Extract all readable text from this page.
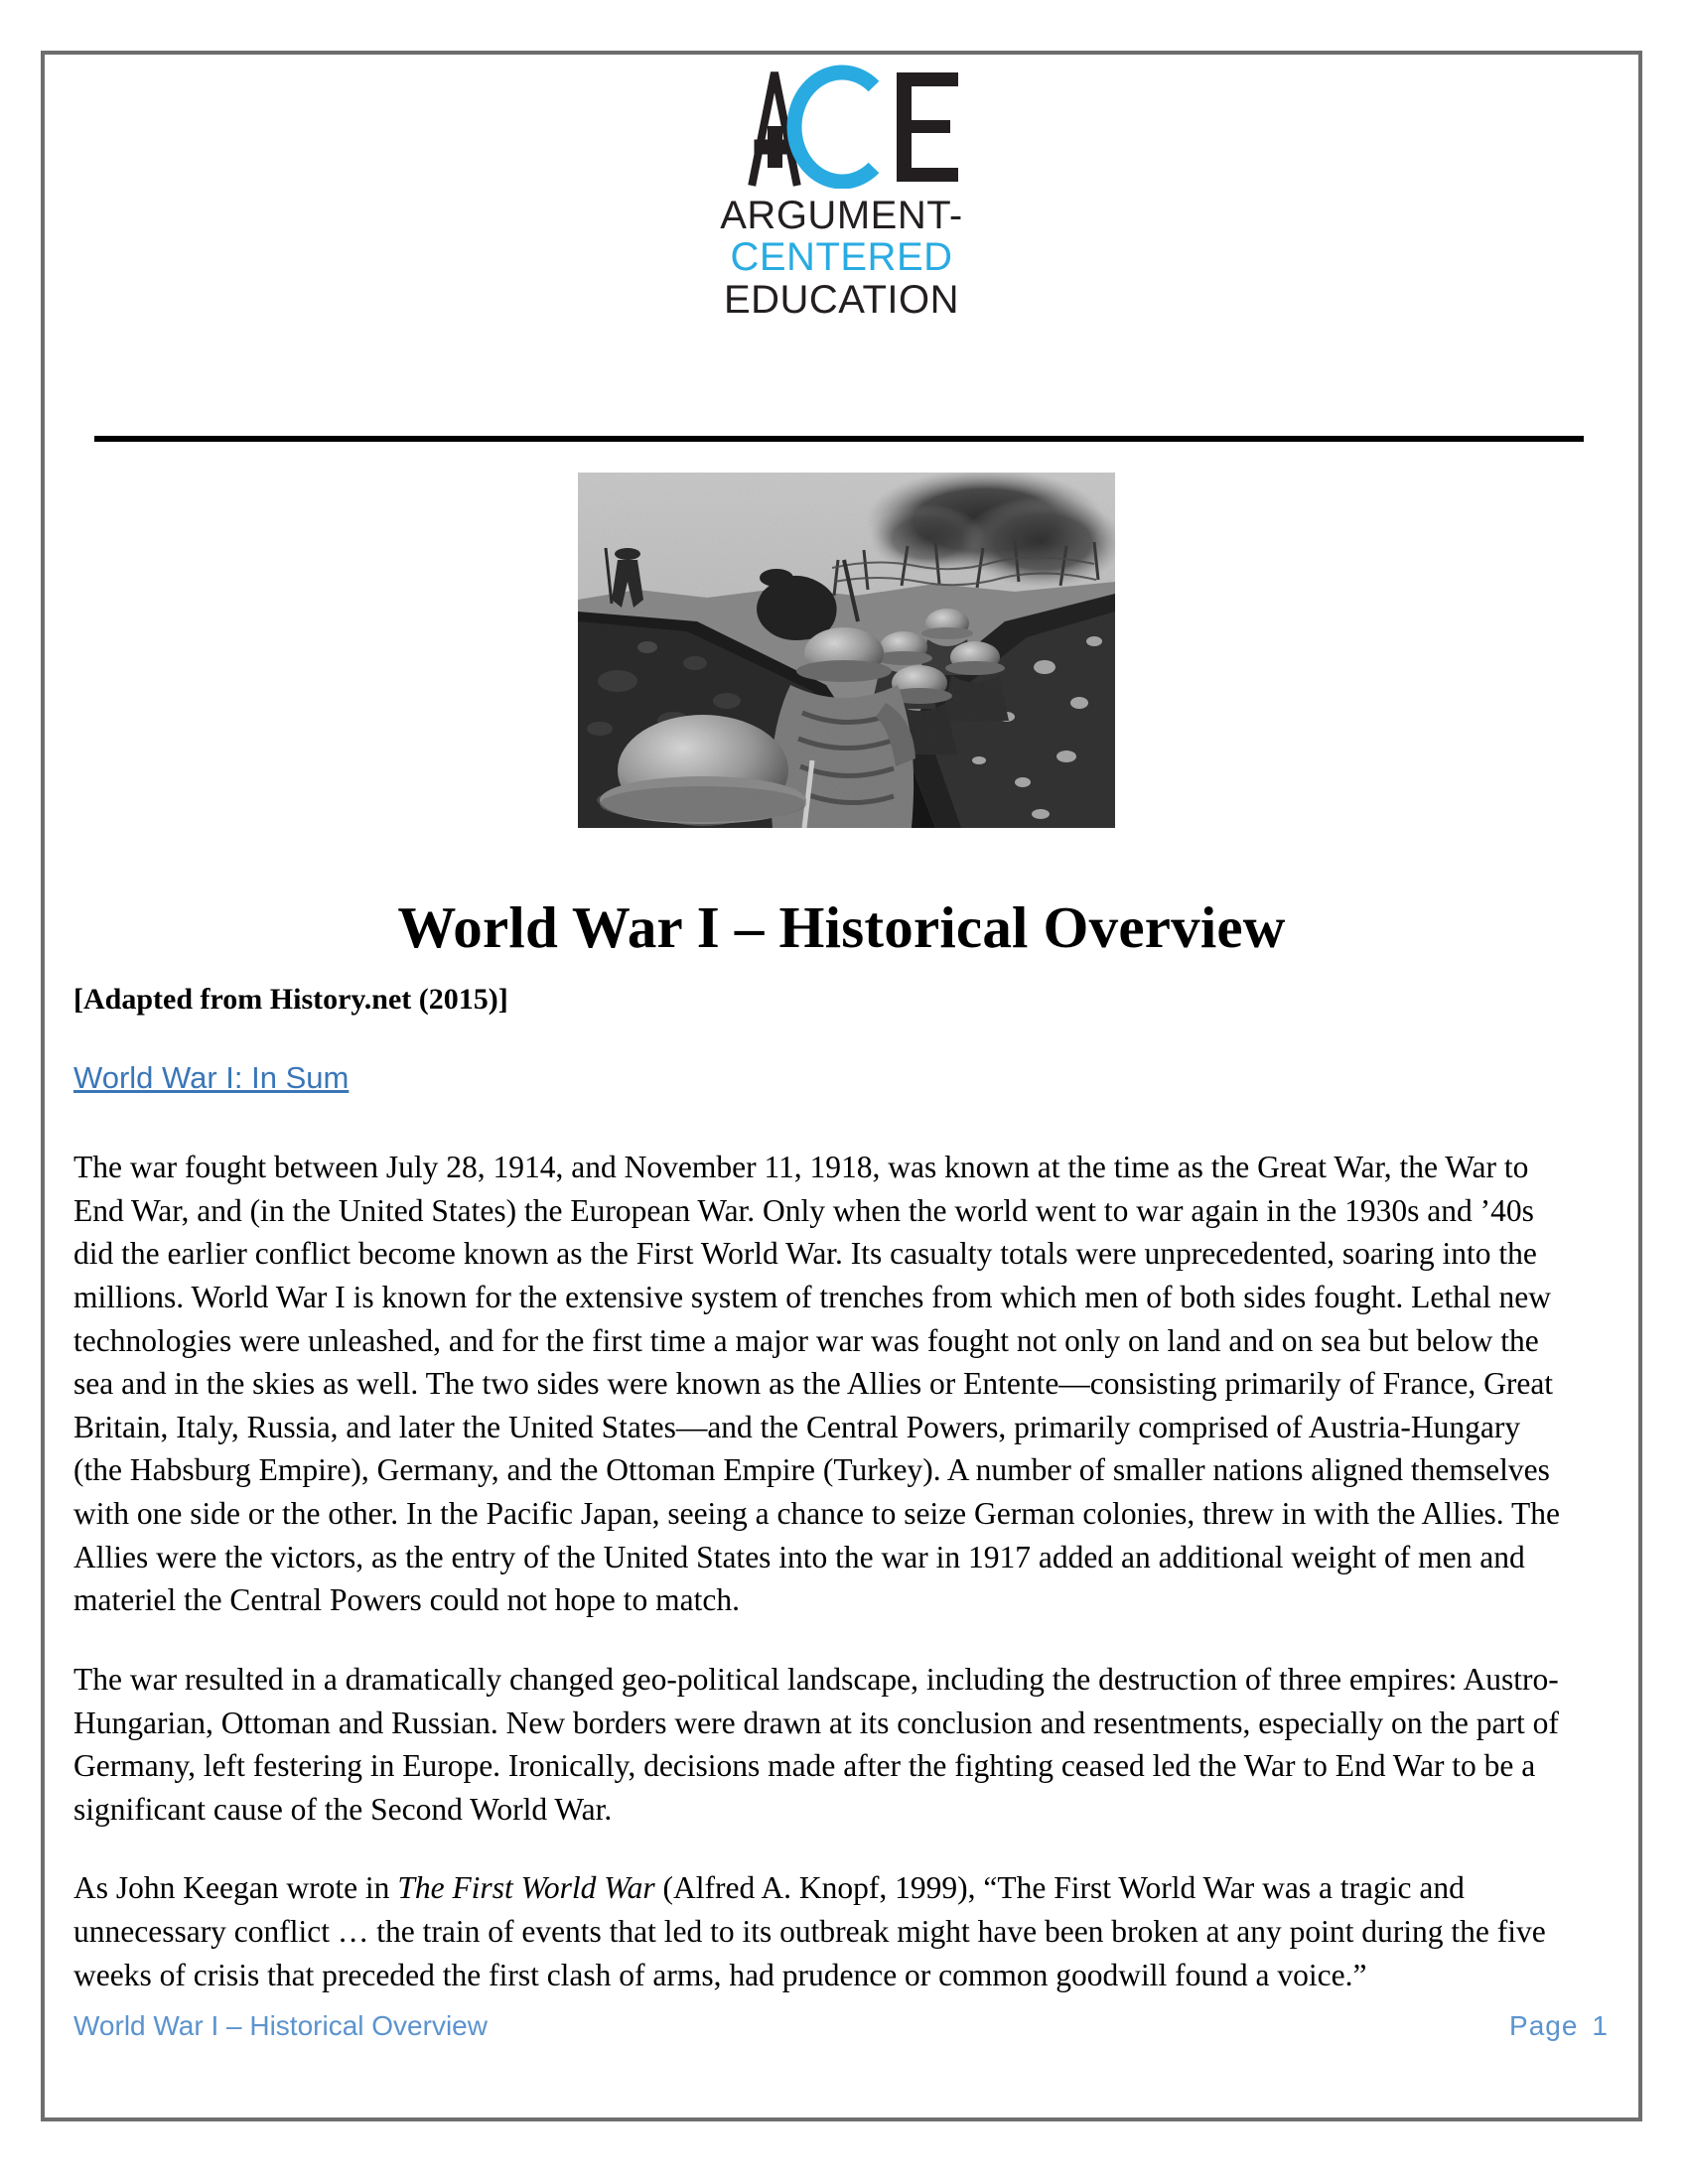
ARGUMENT-
CENTERED
EDUCATION
World War I – Historical Overview

[Adapted from History.net (2015)]

World War I: In Sum

The war fought between July 28, 1914, and November 11, 1918, was known at the time as the Great War, the War to End War, and (in the United States) the European War. Only when the world went to war again in the 1930s and ’40s did the earlier conflict become known as the First World War. Its casualty totals were unprecedented, soaring into the millions. World War I is known for the extensive system of trenches from which men of both sides fought. Lethal new technologies were unleashed, and for the first time a major war was fought not only on land and on sea but below the sea and in the skies as well. The two sides were known as the Allies or Entente—consisting primarily of France, Great Britain, Italy, Russia, and later the United States—and the Central Powers, primarily comprised of Austria-Hungary (the Habsburg Empire), Germany, and the Ottoman Empire (Turkey). A number of smaller nations aligned themselves with one side or the other. In the Pacific Japan, seeing a chance to seize German colonies, threw in with the Allies. The Allies were the victors, as the entry of the United States into the war in 1917 added an additional weight of men and materiel the Central Powers could not hope to match.

The war resulted in a dramatically changed geo-political landscape, including the destruction of three empires: Austro-Hungarian, Ottoman and Russian. New borders were drawn at its conclusion and resentments, especially on the part of Germany, left festering in Europe. Ironically, decisions made after the fighting ceased led the War to End War to be a significant cause of the Second World War.

As John Keegan wrote in The First World War (Alfred A. Knopf, 1999), “The First World War was a tragic and unnecessary conflict … the train of events that led to its outbreak might have been broken at any point during the five weeks of crisis that preceded the first clash of arms, had prudence or common goodwill found a voice.”

World War I – Historical Overview	Page 1
